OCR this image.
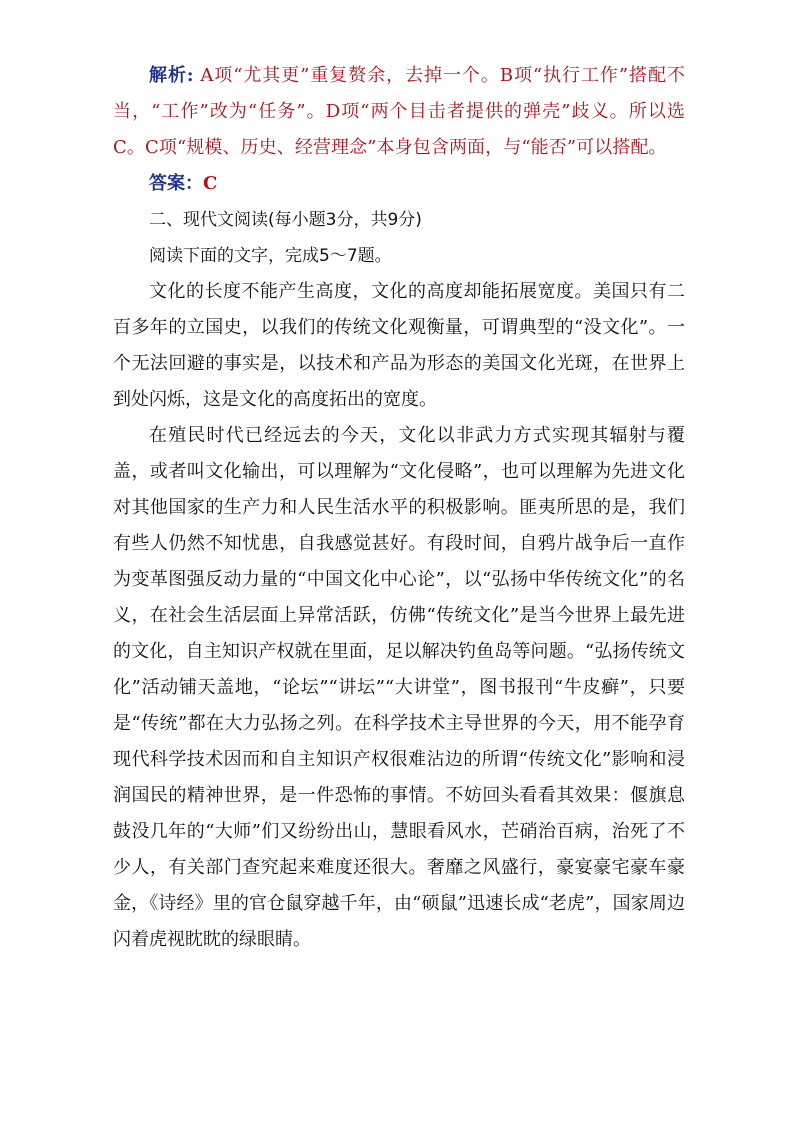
解析: A项“尤其更”重复赘余，去掉一个。B项“执行工作”搭配不当，“工作”改为“任务”。D项“两个目击者提供的弹壳”歧义。所以选C。C项“规模、历史、经营理念”本身包含两面，与“能否”可以搭配。

答案：C

二、现代文阅读(每小题3分，共9分)

阅读下面的文字，完成5～7题。

文化的长度不能产生高度，文化的高度却能拓展宽度。美国只有二百多年的立国史，以我们的传统文化观衡量，可谓典型的“没文化”。一个无法回避的事实是，以技术和产品为形态的美国文化光斑，在世界上到处闪烁，这是文化的高度拓出的宽度。

在殖民时代已经远去的今天，文化以非武力方式实现其辐射与覆盖，或者叫文化输出，可以理解为“文化侵略”，也可以理解为先进文化对其他国家的生产力和人民生活水平的积极影响。匪夷所思的是，我们有些人仍然不知忧患，自我感觉甚好。有段时间，自鸦片战争后一直作为变革图强反动力量的“中国文化中心论”，以“弘扬中华传统文化”的名义，在社会生活层面上异常活跃，仿佛“传统文化”是当今世界上最先进的文化，自主知识产权就在里面，足以解决钓鱼岛等问题。“弘扬传统文化”活动铺天盖地，“论坛”“讲坛”“大讲堂”，图书报刊“牛皮癣”，只要是“传统”都在大力弘扬之列。在科学技术主导世界的今天，用不能孕育现代科学技术因而和自主知识产权很难沾边的所谓“传统文化”影响和浸润国民的精神世界，是一件恐怖的事情。不妨回头看看其效果：偃旗息鼓没几年的“大师”们又纷纷出山，慧眼看风水，芒硝治百病，治死了不少人，有关部门查究起来难度还很大。奢靡之风盛行，豪宴豪宅豪车豪金，《诗经》里的官仓鼠穿越千年，由“硕鼠”迅速长成“老虎”，国家周边闪着虎视眈眈的绿眼睛。
